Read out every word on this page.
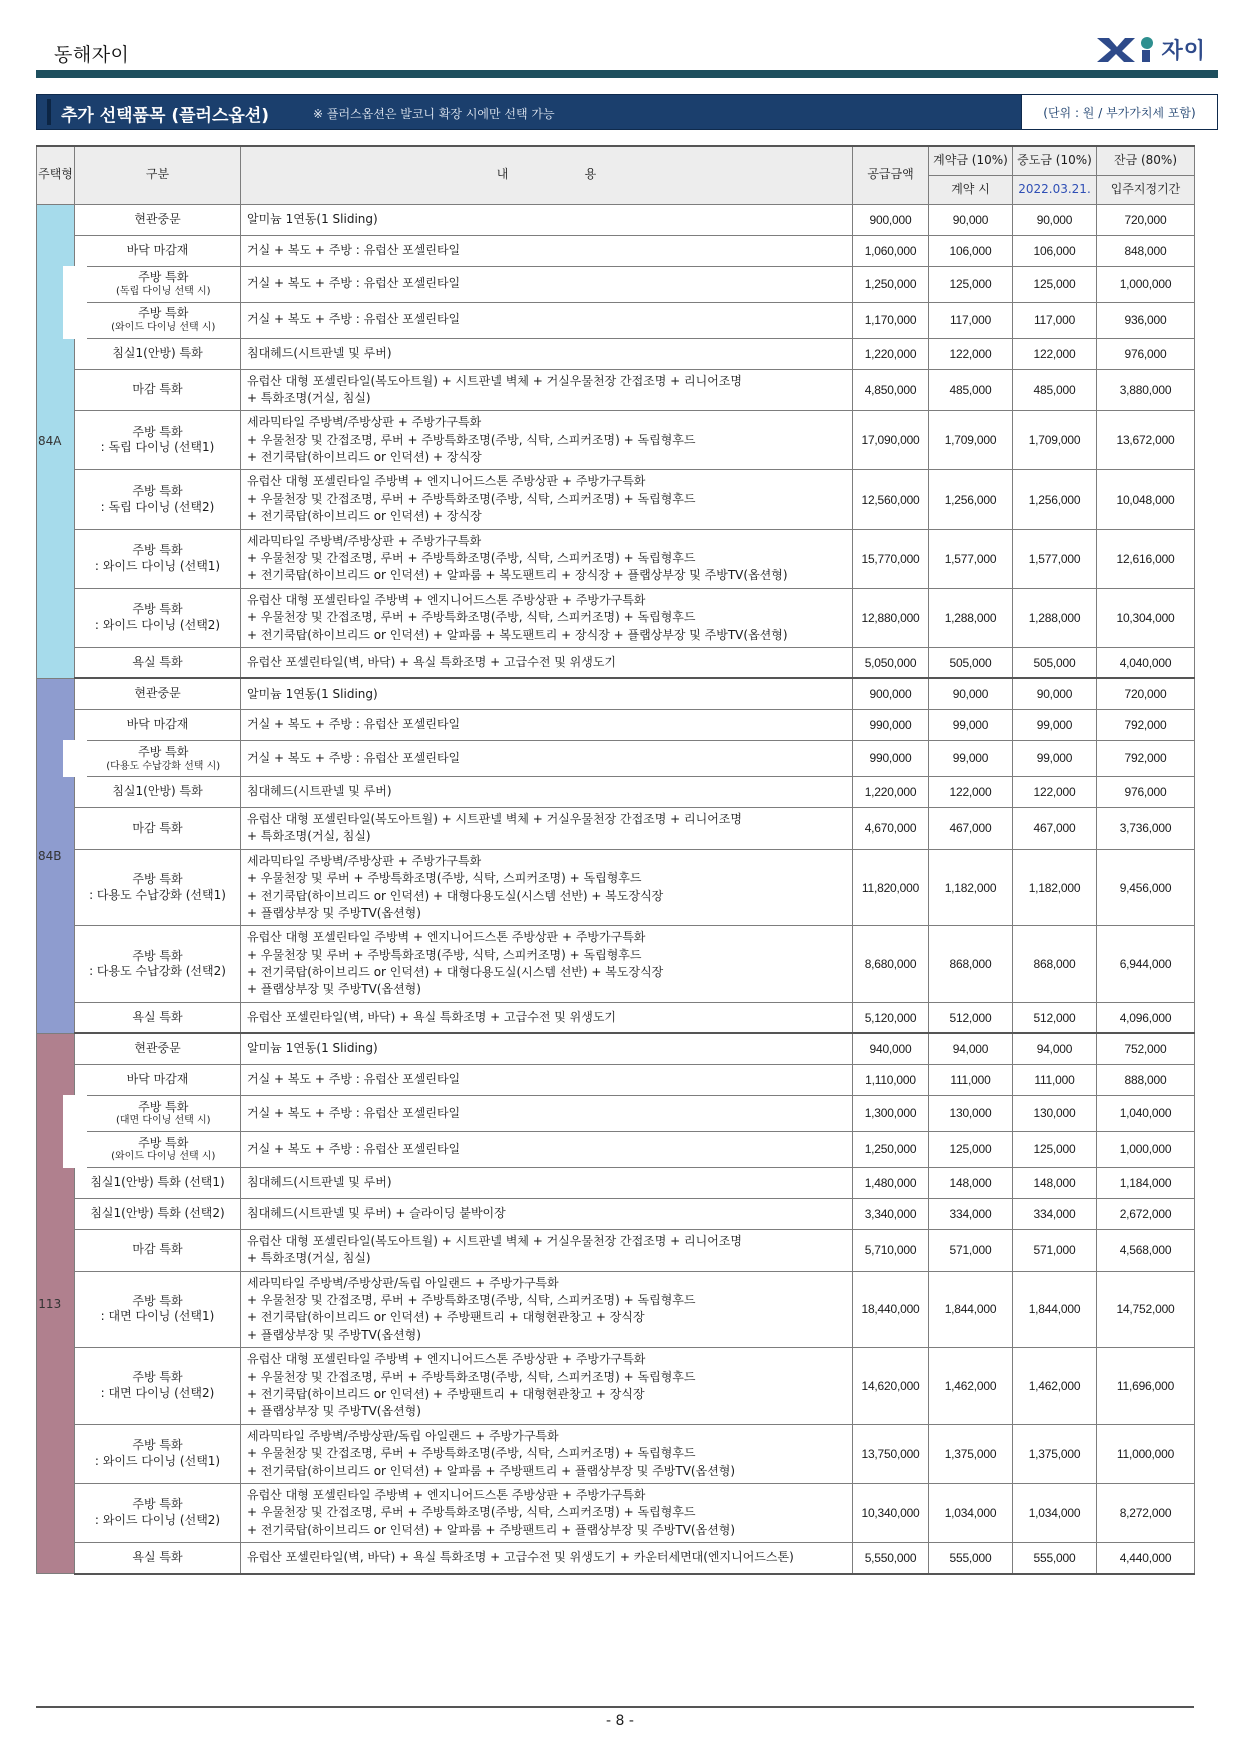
동해자이	자이
추가 선택품목 (플러스옵션)	※ 플러스옵션은 발코니 확장 시에만 선택 가능	(단위 : 원 / 부가가치세 포함)
주택형	구분	내                    용	공급금액	계약금 (10%)	중도금 (10%)	잔금 (80%)
				계약 시	2022.03.21.	입주지정기간
84A	현관중문	알미늄 1연동(1 Sliding)	900,000	90,000	90,000	720,000
	바닥 마감재	거실 + 복도 + 주방 : 유럽산 포셀린타일	1,060,000	106,000	106,000	848,000
	주방 특화
(독립 다이닝 선택 시)	거실 + 복도 + 주방 : 유럽산 포셀린타일	1,250,000	125,000	125,000	1,000,000
	주방 특화
(와이드 다이닝 선택 시)	거실 + 복도 + 주방 : 유럽산 포셀린타일	1,170,000	117,000	117,000	936,000
	침실1(안방) 특화	침대헤드(시트판넬 및 루버)	1,220,000	122,000	122,000	976,000
	마감 특화	유럽산 대형 포셀린타일(복도아트월) + 시트판넬 벽체 + 거실우물천장 간접조명 + 리니어조명
+ 특화조명(거실, 침실)	4,850,000	485,000	485,000	3,880,000
	주방 특화
: 독립 다이닝 (선택1)	세라믹타일 주방벽/주방상판 + 주방가구특화
+ 우물천장 및 간접조명, 루버 + 주방특화조명(주방, 식탁, 스피커조명) + 독립형후드
+ 전기쿡탑(하이브리드 or 인덕션) + 장식장	17,090,000	1,709,000	1,709,000	13,672,000
	주방 특화
: 독립 다이닝 (선택2)	유럽산 대형 포셀린타일 주방벽 + 엔지니어드스톤 주방상판 + 주방가구특화
+ 우물천장 및 간접조명, 루버 + 주방특화조명(주방, 식탁, 스피커조명) + 독립형후드
+ 전기쿡탑(하이브리드 or 인덕션) + 장식장	12,560,000	1,256,000	1,256,000	10,048,000
	주방 특화
: 와이드 다이닝 (선택1)	세라믹타일 주방벽/주방상판 + 주방가구특화
+ 우물천장 및 간접조명, 루버 + 주방특화조명(주방, 식탁, 스피커조명) + 독립형후드
+ 전기쿡탑(하이브리드 or 인덕션) + 알파룸 + 복도팬트리 + 장식장 + 플랩상부장 및 주방TV(옵션형)	15,770,000	1,577,000	1,577,000	12,616,000
	주방 특화
: 와이드 다이닝 (선택2)	유럽산 대형 포셀린타일 주방벽 + 엔지니어드스톤 주방상판 + 주방가구특화
+ 우물천장 및 간접조명, 루버 + 주방특화조명(주방, 식탁, 스피커조명) + 독립형후드
+ 전기쿡탑(하이브리드 or 인덕션) + 알파룸 + 복도팬트리 + 장식장 + 플랩상부장 및 주방TV(옵션형)	12,880,000	1,288,000	1,288,000	10,304,000
	욕실 특화	유럽산 포셀린타일(벽, 바닥) + 욕실 특화조명 + 고급수전 및 위생도기	5,050,000	505,000	505,000	4,040,000
84B	현관중문	알미늄 1연동(1 Sliding)	900,000	90,000	90,000	720,000
	바닥 마감재	거실 + 복도 + 주방 : 유럽산 포셀린타일	990,000	99,000	99,000	792,000
	주방 특화
(다용도 수납강화 선택 시)	거실 + 복도 + 주방 : 유럽산 포셀린타일	990,000	99,000	99,000	792,000
	침실1(안방) 특화	침대헤드(시트판넬 및 루버)	1,220,000	122,000	122,000	976,000
	마감 특화	유럽산 대형 포셀린타일(복도아트월) + 시트판넬 벽체 + 거실우물천장 간접조명 + 리니어조명
+ 특화조명(거실, 침실)	4,670,000	467,000	467,000	3,736,000
	주방 특화
: 다용도 수납강화 (선택1)	세라믹타일 주방벽/주방상판 + 주방가구특화
+ 우물천장 및 루버 + 주방특화조명(주방, 식탁, 스피커조명) + 독립형후드
+ 전기쿡탑(하이브리드 or 인덕션) + 대형다용도실(시스템 선반) + 복도장식장
+ 플랩상부장 및 주방TV(옵션형)	11,820,000	1,182,000	1,182,000	9,456,000
	주방 특화
: 다용도 수납강화 (선택2)	유럽산 대형 포셀린타일 주방벽 + 엔지니어드스톤 주방상판 + 주방가구특화
+ 우물천장 및 루버 + 주방특화조명(주방, 식탁, 스피커조명) + 독립형후드
+ 전기쿡탑(하이브리드 or 인덕션) + 대형다용도실(시스템 선반) + 복도장식장
+ 플랩상부장 및 주방TV(옵션형)	8,680,000	868,000	868,000	6,944,000
	욕실 특화	유럽산 포셀린타일(벽, 바닥) + 욕실 특화조명 + 고급수전 및 위생도기	5,120,000	512,000	512,000	4,096,000
113	현관중문	알미늄 1연동(1 Sliding)	940,000	94,000	94,000	752,000
	바닥 마감재	거실 + 복도 + 주방 : 유럽산 포셀린타일	1,110,000	111,000	111,000	888,000
	주방 특화
(대면 다이닝 선택 시)	거실 + 복도 + 주방 : 유럽산 포셀린타일	1,300,000	130,000	130,000	1,040,000
	주방 특화
(와이드 다이닝 선택 시)	거실 + 복도 + 주방 : 유럽산 포셀린타일	1,250,000	125,000	125,000	1,000,000
	침실1(안방) 특화 (선택1)	침대헤드(시트판넬 및 루버)	1,480,000	148,000	148,000	1,184,000
	침실1(안방) 특화 (선택2)	침대헤드(시트판넬 및 루버) + 슬라이딩 붙박이장	3,340,000	334,000	334,000	2,672,000
	마감 특화	유럽산 대형 포셀린타일(복도아트월) + 시트판넬 벽체 + 거실우물천장 간접조명 + 리니어조명
+ 특화조명(거실, 침실)	5,710,000	571,000	571,000	4,568,000
	주방 특화
: 대면 다이닝 (선택1)	세라믹타일 주방벽/주방상판/독립 아일랜드 + 주방가구특화
+ 우물천장 및 간접조명, 루버 + 주방특화조명(주방, 식탁, 스피커조명) + 독립형후드
+ 전기쿡탑(하이브리드 or 인덕션) + 주방팬트리 + 대형현관창고 + 장식장
+ 플랩상부장 및 주방TV(옵션형)	18,440,000	1,844,000	1,844,000	14,752,000
	주방 특화
: 대면 다이닝 (선택2)	유럽산 대형 포셀린타일 주방벽 + 엔지니어드스톤 주방상판 + 주방가구특화
+ 우물천장 및 간접조명, 루버 + 주방특화조명(주방, 식탁, 스피커조명) + 독립형후드
+ 전기쿡탑(하이브리드 or 인덕션) + 주방팬트리 + 대형현관창고 + 장식장
+ 플랩상부장 및 주방TV(옵션형)	14,620,000	1,462,000	1,462,000	11,696,000
	주방 특화
: 와이드 다이닝 (선택1)	세라믹타일 주방벽/주방상판/독립 아일랜드 + 주방가구특화
+ 우물천장 및 간접조명, 루버 + 주방특화조명(주방, 식탁, 스피커조명) + 독립형후드
+ 전기쿡탑(하이브리드 or 인덕션) + 알파룸 + 주방팬트리 + 플랩상부장 및 주방TV(옵션형)	13,750,000	1,375,000	1,375,000	11,000,000
	주방 특화
: 와이드 다이닝 (선택2)	유럽산 대형 포셀린타일 주방벽 + 엔지니어드스톤 주방상판 + 주방가구특화
+ 우물천장 및 간접조명, 루버 + 주방특화조명(주방, 식탁, 스피커조명) + 독립형후드
+ 전기쿡탑(하이브리드 or 인덕션) + 알파룸 + 주방팬트리 + 플랩상부장 및 주방TV(옵션형)	10,340,000	1,034,000	1,034,000	8,272,000
	욕실 특화	유럽산 포셀린타일(벽, 바닥) + 욕실 특화조명 + 고급수전 및 위생도기 + 카운터세면대(엔지니어드스톤)	5,550,000	555,000	555,000	4,440,000
- 8 -
